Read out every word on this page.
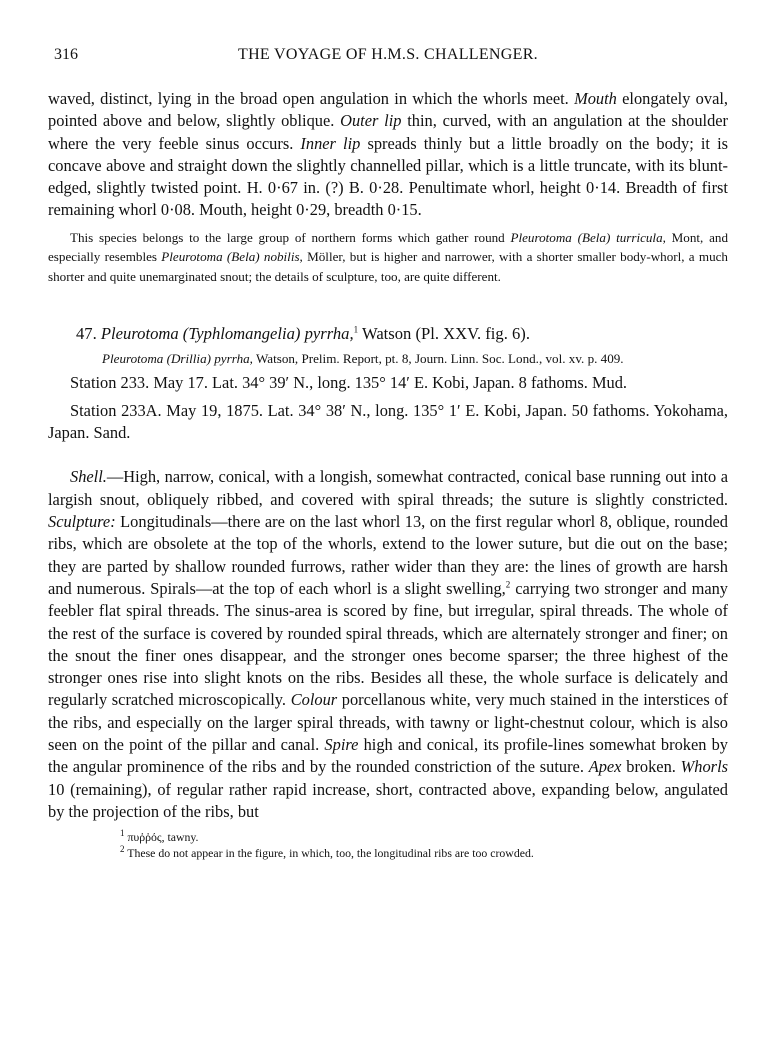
316	THE VOYAGE OF H.M.S. CHALLENGER.

waved, distinct, lying in the broad open angulation in which the whorls meet. Mouth elongately oval, pointed above and below, slightly oblique. Outer lip thin, curved, with an angulation at the shoulder where the very feeble sinus occurs. Inner lip spreads thinly but a little broadly on the body; it is concave above and straight down the slightly channelled pillar, which is a little truncate, with its blunt-edged, slightly twisted point. H. 0·67 in. (?) B. 0·28. Penultimate whorl, height 0·14. Breadth of first remaining whorl 0·08. Mouth, height 0·29, breadth 0·15.

This species belongs to the large group of northern forms which gather round Pleurotoma (Bela) turricula, Mont, and especially resembles Pleurotoma (Bela) nobilis, Möller, but is higher and narrower, with a shorter smaller body-whorl, a much shorter and quite unemarginated snout; the details of sculpture, too, are quite different.

47. Pleurotoma (Typhlomangelia) pyrrha,$^1$ Watson (Pl. XXV. fig. 6).

Pleurotoma (Drillia) pyrrha, Watson, Prelim. Report, pt. 8, Journ. Linn. Soc. Lond., vol. xv. p. 409.

Station 233. May 17. Lat. 34° 39′ N., long. 135° 14′ E. Kobi, Japan. 8 fathoms. Mud.

Station 233A. May 19, 1875. Lat. 34° 38′ N., long. 135° 1′ E. Kobi, Japan. 50 fathoms. Yokohama, Japan. Sand.

Shell.—High, narrow, conical, with a longish, somewhat contracted, conical base running out into a largish snout, obliquely ribbed, and covered with spiral threads; the suture is slightly constricted. Sculpture: Longitudinals—there are on the last whorl 13, on the first regular whorl 8, oblique, rounded ribs, which are obsolete at the top of the whorls, extend to the lower suture, but die out on the base; they are parted by shallow rounded furrows, rather wider than they are: the lines of growth are harsh and numerous. Spirals—at the top of each whorl is a slight swelling,$^2$ carrying two stronger and many feebler flat spiral threads. The sinus-area is scored by fine, but irregular, spiral threads. The whole of the rest of the surface is covered by rounded spiral threads, which are alternately stronger and finer; on the snout the finer ones disappear, and the stronger ones become sparser; the three highest of the stronger ones rise into slight knots on the ribs. Besides all these, the whole surface is delicately and regularly scratched microscopically. Colour porcellanous white, very much stained in the interstices of the ribs, and especially on the larger spiral threads, with tawny or light-chestnut colour, which is also seen on the point of the pillar and canal. Spire high and conical, its profile-lines somewhat broken by the angular prominence of the ribs and by the rounded constriction of the suture. Apex broken. Whorls 10 (remaining), of regular rather rapid increase, short, contracted above, expanding below, angulated by the projection of the ribs, but

$^1$ πυῤῥός, tawny.

$^2$ These do not appear in the figure, in which, too, the longitudinal ribs are too crowded.
